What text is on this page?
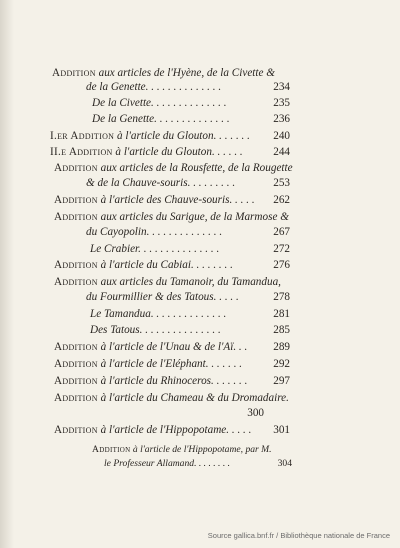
Addition aux articles de l'Hyène, de la Civette &
de la Genette. . . . . . . . . . . . . .	234
De la Civette. . . . . . . . . . . . . .	235
De la Genette. . . . . . . . . . . . . .	236
I.er Addition à l'article du Glouton. . . . . . .	240
II.e Addition à l'article du Glouton. . . . . .	244
Addition aux articles de la Rousfette, de la Rougette
& de la Chauve-souris. . . . . . . . .	253
Addition à l'article des Chauve-souris. . . . .	262
Addition aux articles du Sarigue, de la Marmose &
du Cayopolin. . . . . . . . . . . . . .	267
Le Crabier. . . . . . . . . . . . . . .	272
Addition à l'article du Cabiai. . . . . . . .	276
Addition aux articles du Tamanoir, du Tamandua,
du Fourmillier & des Tatous. . . . .	278
Le Tamandua. . . . . . . . . . . . . .	281
Des Tatous. . . . . . . . . . . . . . .	285
Addition à l'article de l'Unau & de l'Aï. . .	289
Addition à l'article de l'Eléphant. . . . . . .	292
Addition à l'article du Rhinoceros. . . . . . .	297
Addition à l'article du Chameau & du Dromadaire.
300
Addition à l'article de l'Hippopotame. . . . .	301
Addition à l'article de l'Hippopotame, par M.
le Professeur Allamand. . . . . . . .	304
Source gallica.bnf.fr / Bibliothèque nationale de France
